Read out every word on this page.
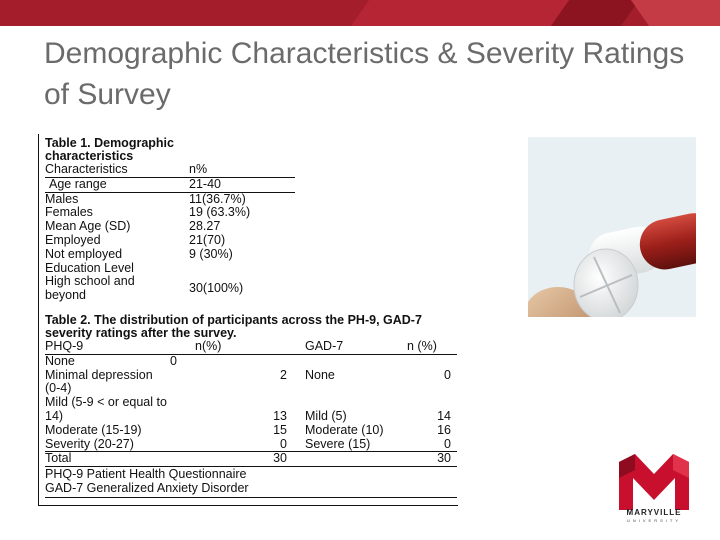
Demographic Characteristics & Severity Ratings of Survey
Table 1. Demographic
characteristics
Characteristics	n%
Age range	21-40
Males	11(36.7%)
Females	19 (63.3%)
Mean Age (SD)	28.27
Employed	21(70)
Not employed	9 (30%)
Education Level	
High school and beyond	30(100%)
Table 2. The distribution of participants across the PH-9, GAD-7 severity ratings after the survey.
PHQ-9	n(%)	GAD-7	n (%)
None	0		
Minimal depression (0-4)	2	None	0
Mild (5-9 < or equal to 14)	13	Mild (5)	14
Moderate (15-19)	15	Moderate (10)	16
Severity (20-27)	0	Severe (15)	0
Total	30		30
PHQ-9 Patient Health Questionnaire
GAD-7 Generalized Anxiety Disorder
MARYVILLE
UNIVERSITY
